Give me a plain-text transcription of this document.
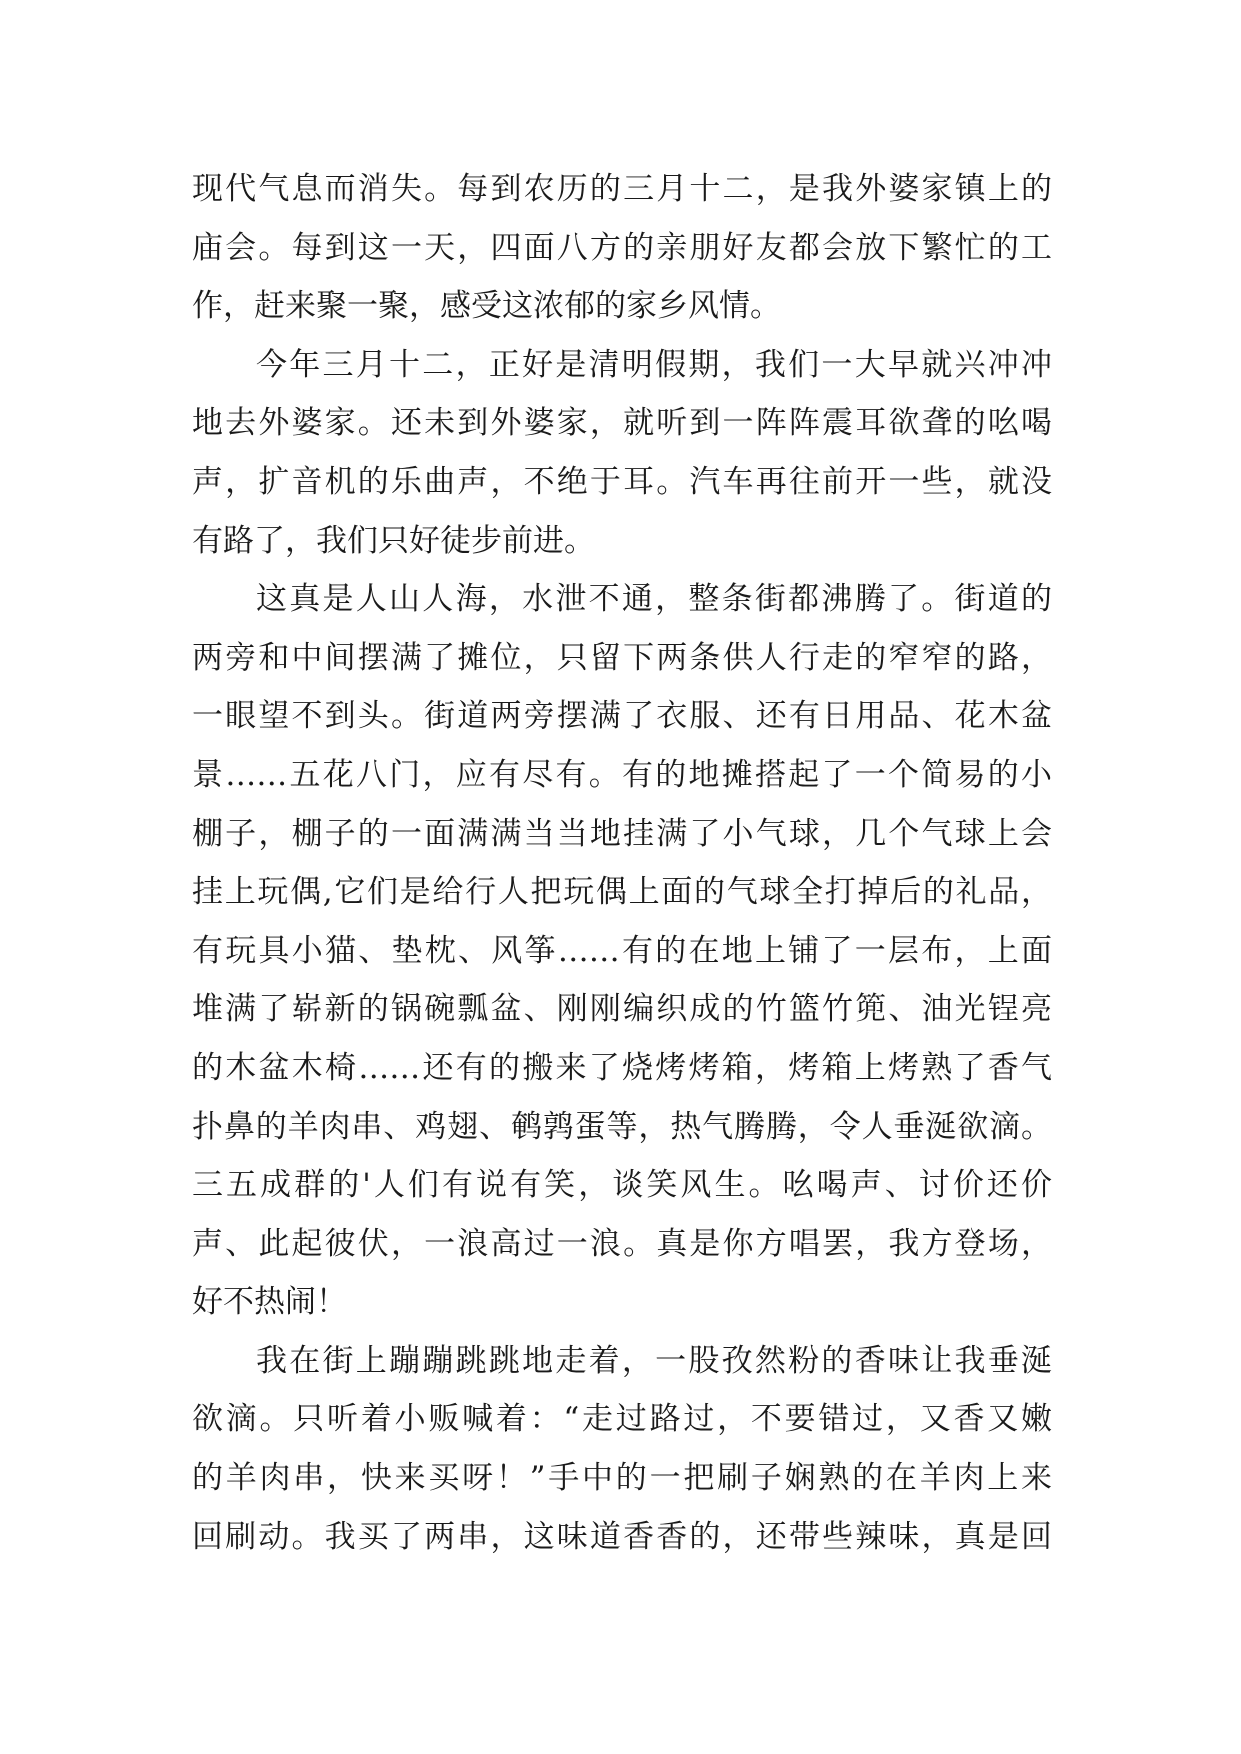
现代气息而消失。每到农历的三月十二，是我外婆家镇上的
庙会。每到这一天，四面八方的亲朋好友都会放下繁忙的工
作，赶来聚一聚，感受这浓郁的家乡风情。
今年三月十二，正好是清明假期，我们一大早就兴冲冲
地去外婆家。还未到外婆家，就听到一阵阵震耳欲聋的吆喝
声，扩音机的乐曲声，不绝于耳。汽车再往前开一些，就没
有路了，我们只好徒步前进。
这真是人山人海，水泄不通，整条街都沸腾了。街道的
两旁和中间摆满了摊位，只留下两条供人行走的窄窄的路，
一眼望不到头。街道两旁摆满了衣服、还有日用品、花木盆
景……五花八门，应有尽有。有的地摊搭起了一个简易的小
棚子，棚子的一面满满当当地挂满了小气球，几个气球上会
挂上玩偶,它们是给行人把玩偶上面的气球全打掉后的礼品，
有玩具小猫、垫枕、风筝……有的在地上铺了一层布，上面
堆满了崭新的锅碗瓢盆、刚刚编织成的竹篮竹篼、油光锃亮
的木盆木椅……还有的搬来了烧烤烤箱，烤箱上烤熟了香气
扑鼻的羊肉串、鸡翅、鹌鹑蛋等，热气腾腾，令人垂涎欲滴。
三五成群的'人们有说有笑，谈笑风生。吆喝声、讨价还价
声、此起彼伏，一浪高过一浪。真是你方唱罢，我方登场，
好不热闹！
我在街上蹦蹦跳跳地走着，一股孜然粉的香味让我垂涎
欲滴。只听着小贩喊着：“走过路过，不要错过，又香又嫩
的羊肉串，快来买呀！”手中的一把刷子娴熟的在羊肉上来
回刷动。我买了两串，这味道香香的，还带些辣味，真是回
